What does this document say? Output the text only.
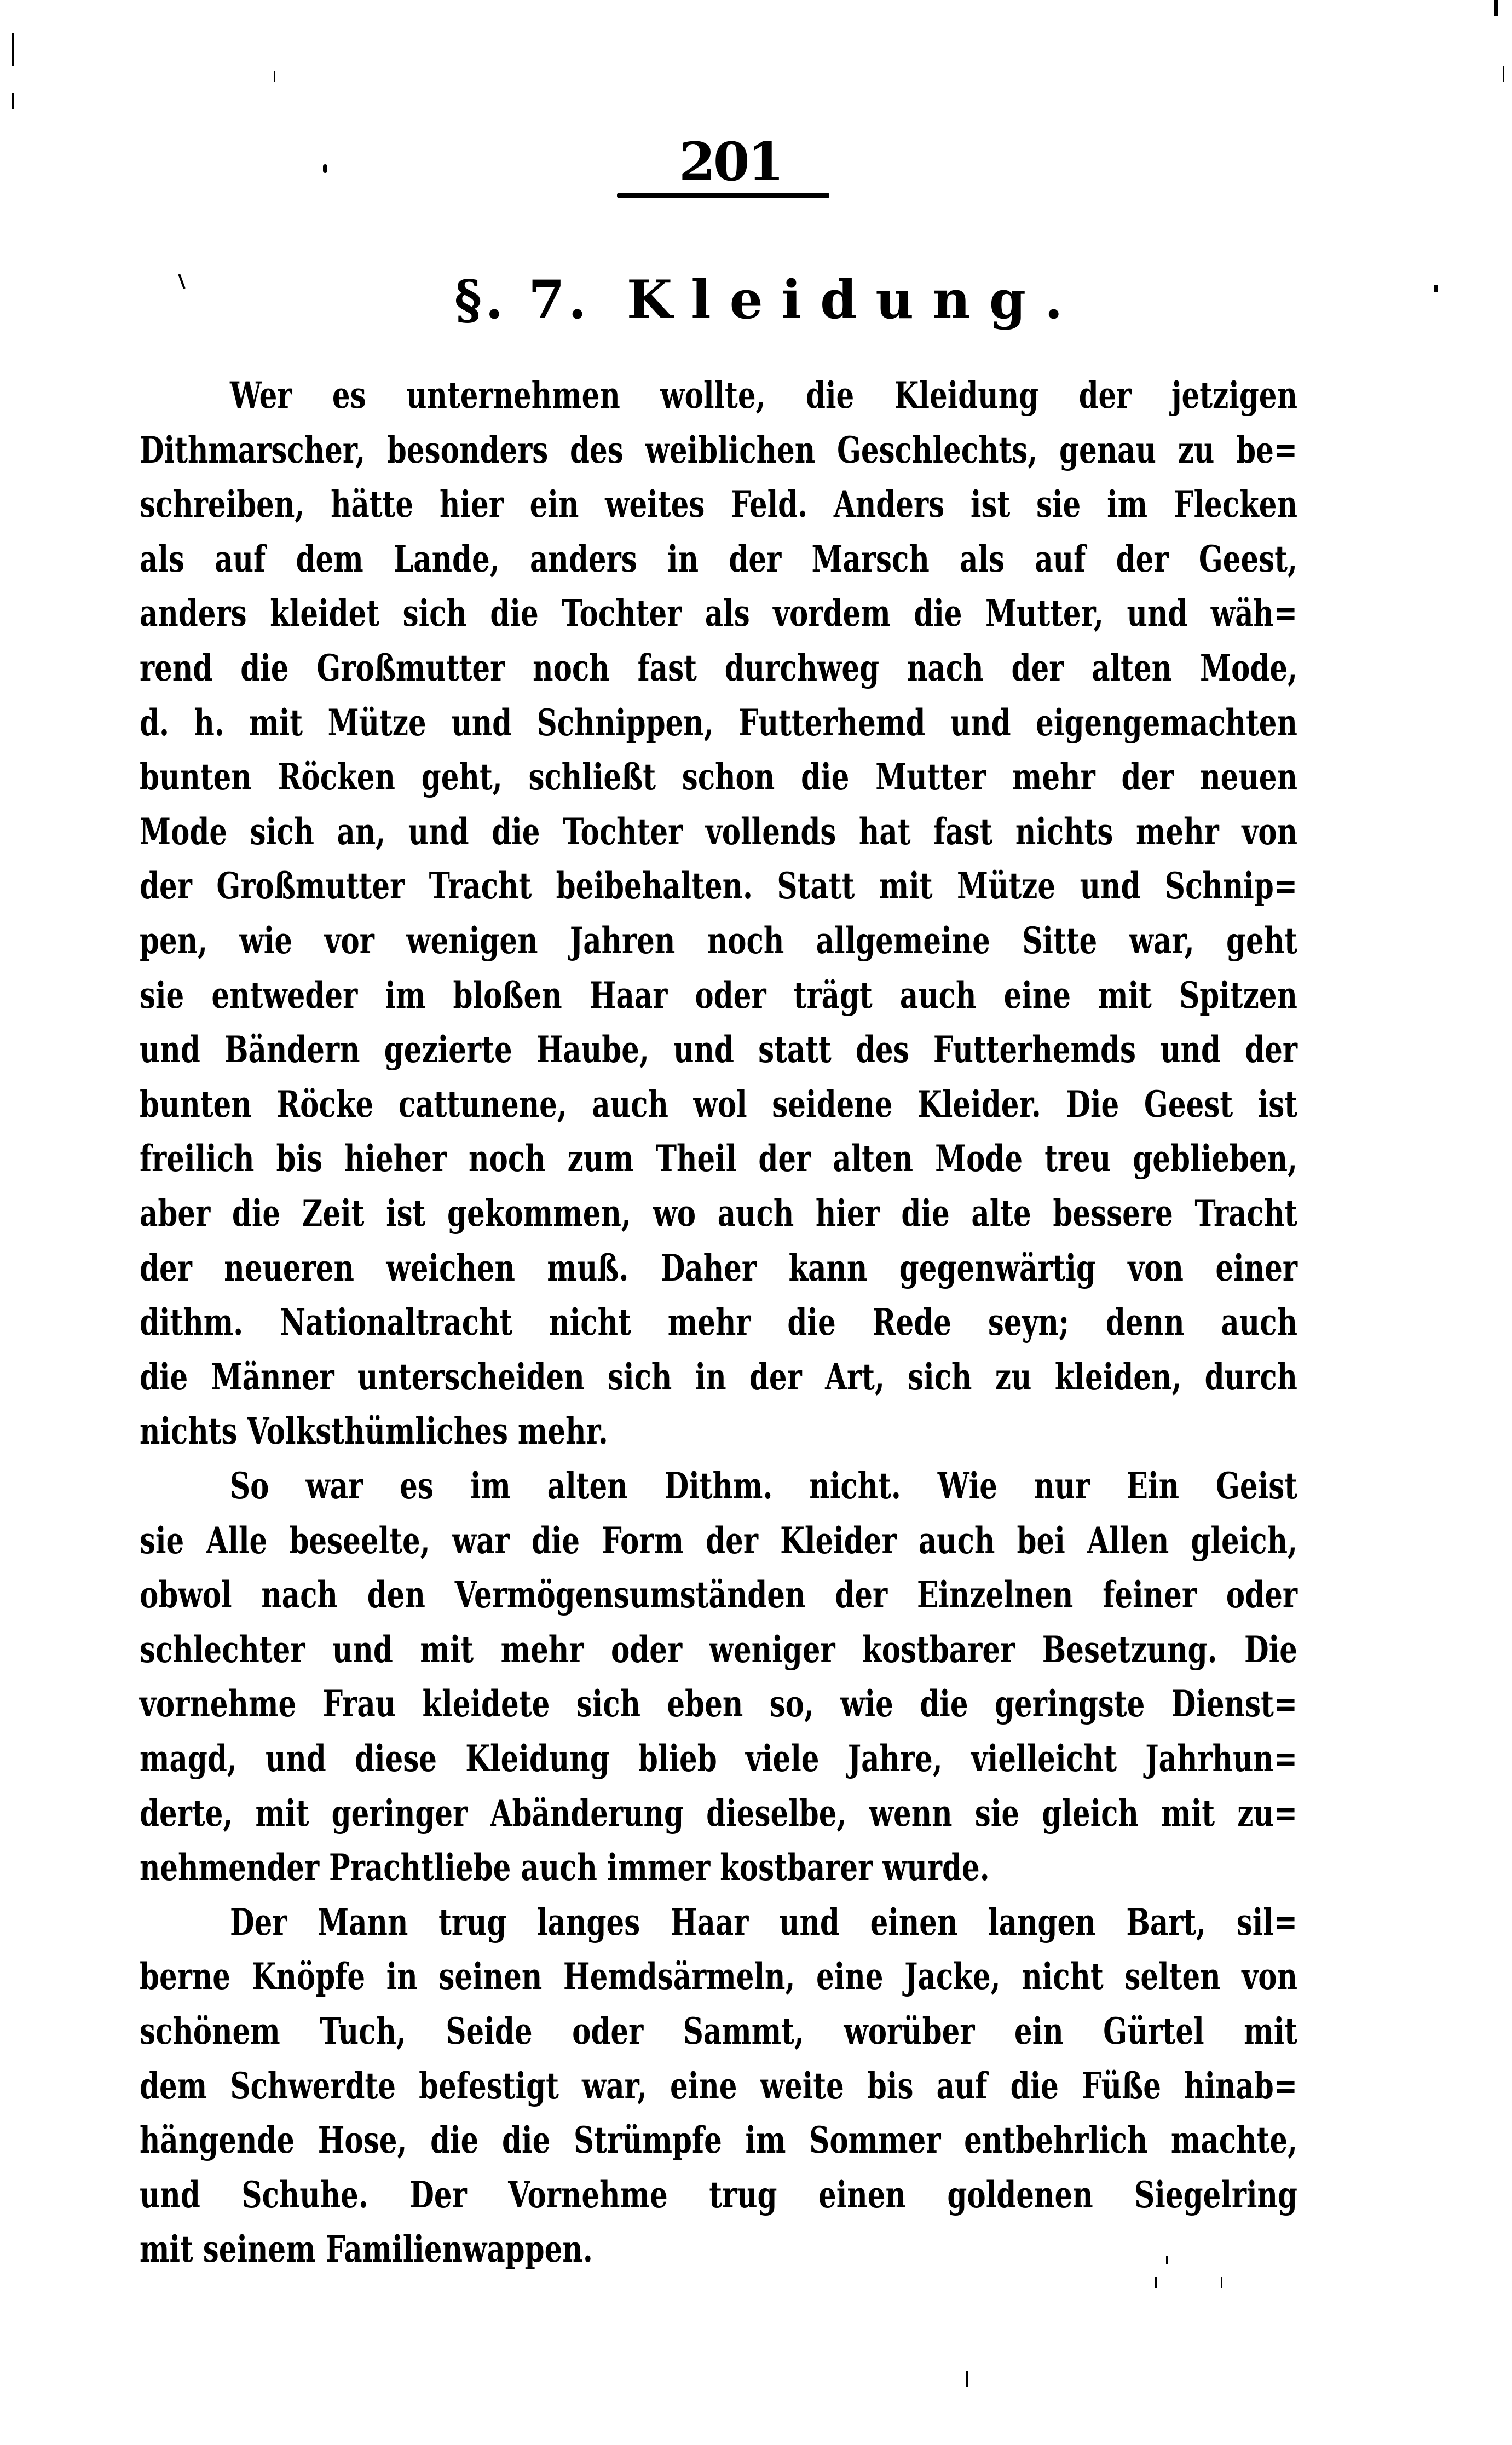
201
§. 7. Kleidung.
Wer es unternehmen wollte, die Kleidung der jetzigen
Dithmarscher, besonders des weiblichen Geschlechts, genau zu be=
schreiben, hätte hier ein weites Feld. Anders ist sie im Flecken
als auf dem Lande, anders in der Marsch als auf der Geest,
anders kleidet sich die Tochter als vordem die Mutter, und wäh=
rend die Großmutter noch fast durchweg nach der alten Mode,
d. h. mit Mütze und Schnippen, Futterhemd und eigengemachten
bunten Röcken geht, schließt schon die Mutter mehr der neuen
Mode sich an, und die Tochter vollends hat fast nichts mehr von
der Großmutter Tracht beibehalten. Statt mit Mütze und Schnip=
pen, wie vor wenigen Jahren noch allgemeine Sitte war, geht
sie entweder im bloßen Haar oder trägt auch eine mit Spitzen
und Bändern gezierte Haube, und statt des Futterhemds und der
bunten Röcke cattunene, auch wol seidene Kleider. Die Geest ist
freilich bis hieher noch zum Theil der alten Mode treu geblieben,
aber die Zeit ist gekommen, wo auch hier die alte bessere Tracht
der neueren weichen muß. Daher kann gegenwärtig von einer
dithm. Nationaltracht nicht mehr die Rede seyn; denn auch
die Männer unterscheiden sich in der Art, sich zu kleiden, durch
nichts Volksthümliches mehr.
So war es im alten Dithm. nicht. Wie nur Ein Geist
sie Alle beseelte, war die Form der Kleider auch bei Allen gleich,
obwol nach den Vermögensumständen der Einzelnen feiner oder
schlechter und mit mehr oder weniger kostbarer Besetzung. Die
vornehme Frau kleidete sich eben so, wie die geringste Dienst=
magd, und diese Kleidung blieb viele Jahre, vielleicht Jahrhun=
derte, mit geringer Abänderung dieselbe, wenn sie gleich mit zu=
nehmender Prachtliebe auch immer kostbarer wurde.
Der Mann trug langes Haar und einen langen Bart, sil=
berne Knöpfe in seinen Hemdsärmeln, eine Jacke, nicht selten von
schönem Tuch, Seide oder Sammt, worüber ein Gürtel mit
dem Schwerdte befestigt war, eine weite bis auf die Füße hinab=
hängende Hose, die die Strümpfe im Sommer entbehrlich machte,
und Schuhe. Der Vornehme trug einen goldenen Siegelring
mit seinem Familienwappen.
